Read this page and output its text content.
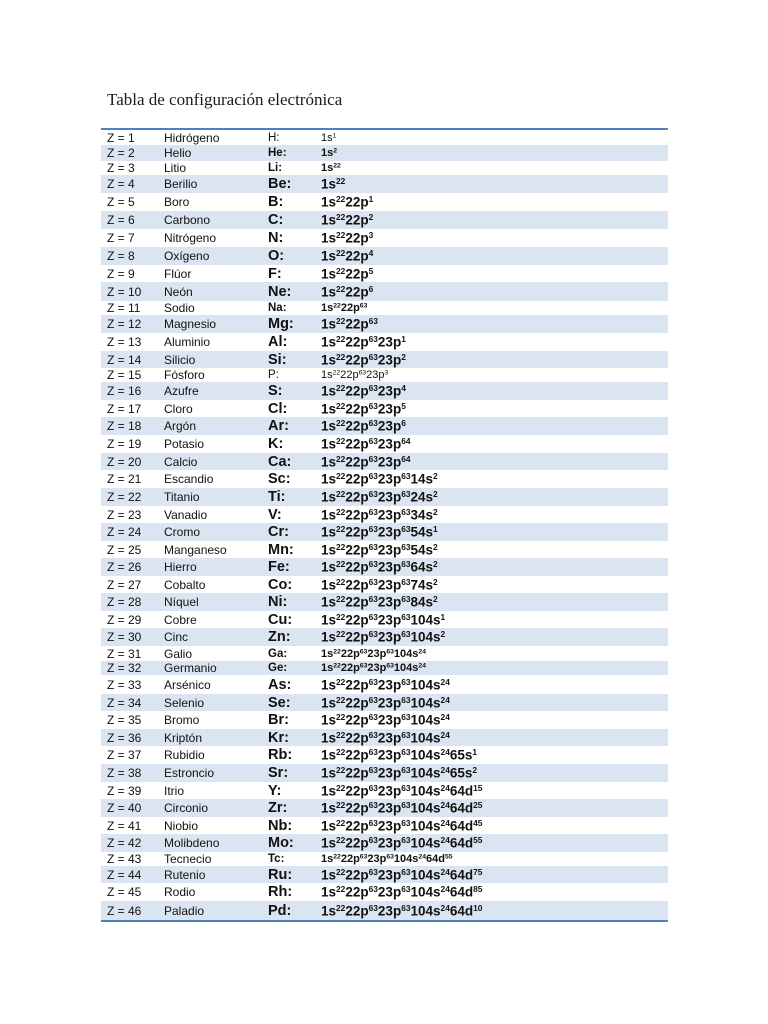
Tabla de configuración electrónica
Z = 1 Hidrógeno	H:	$1s^1$
Z = 2 Helio	He:	$1s^2$
Z = 3 Litio	Li:	$1s^{22}$
Z = 4 Berilio	Be: $1s^{22}$
Z = 5 Boro	B:	$1s^{22}22p^1$
Z = 6 Carbono	C:	$1s^{22}22p^2$
Z = 7 Nitrógeno	N:	$1s^{22}22p^3$
Z = 8 Oxígeno	O:	$1s^{22}22p^4$
Z = 9 Flúor	F:	$1s^{22}22p^5$
Z = 10 Neón	Ne: $1s^{22}22p^6$
Z = 11 Sodio	Na:	$1s^{22}22p^{63}$
Z = 12 Magnesio	Mg: $1s^{22}22p^{63}$
Z = 13 Aluminio	Al: $1s^{22}22p^{63}23p^1$
Z = 14 Silicio	Si:	$1s^{22}22p^{63}23p^2$
Z = 15 Fósforo	P:	$1s^{22}22p^{63}23p^3$
Z = 16 Azufre	S:	$1s^{22}22p^{63}23p^4$
Z = 17 Cloro	Cl: $1s^{22}22p^{63}23p^5$
Z = 18 Argón	Ar: $1s^{22}22p^{63}23p^6$
Z = 19 Potasio	K:	$1s^{22}22p^{63}23p^{64}$
Z = 20 Calcio	Ca: $1s^{22}22p^{63}23p^{64}$
Z = 21 Escandio	Sc: $1s^{22}22p^{63}23p^{63}14s^2$
Z = 22 Titanio	Ti:	$1s^{22}22p^{63}23p^{63}24s^2$
Z = 23 Vanadio	V:	$1s^{22}22p^{63}23p^{63}34s^2$
Z = 24 Cromo	Cr: $1s^{22}22p^{63}23p^{63}54s^1$
Z = 25 Manganeso	Mn: $1s^{22}22p^{63}23p^{63}54s^2$
Z = 26 Hierro	Fe: $1s^{22}22p^{63}23p^{63}64s^2$
Z = 27 Cobalto	Co: $1s^{22}22p^{63}23p^{63}74s^2$
Z = 28 Níquel	Ni: $1s^{22}22p^{63}23p^{63}84s^2$
Z = 29 Cobre	Cu: $1s^{22}22p^{63}23p^{63}104s^1$
Z = 30 Cinc	Zn: $1s^{22}22p^{63}23p^{63}104s^2$
Z = 31 Galio	Ga:	$1s^{22}22p^{63}23p^{63}104s^{24}$
Z = 32 Germanio	Ge:	$1s^{22}22p^{63}23p^{63}104s^{24}$
Z = 33 Arsénico	As: $1s^{22}22p^{63}23p^{63}104s^{24}$
Z = 34 Selenio	Se: $1s^{22}22p^{63}23p^{63}104s^{24}$
Z = 35 Bromo	Br: $1s^{22}22p^{63}23p^{63}104s^{24}$
Z = 36 Kriptón	Kr: $1s^{22}22p^{63}23p^{63}104s^{24}$
Z = 37 Rubidio	Rb: $1s^{22}22p^{63}23p^{63}104s^{24}65s^1$
Z = 38 Estroncio	Sr: $1s^{22}22p^{63}23p^{63}104s^{24}65s^2$
Z = 39 Itrio	Y:	$1s^{22}22p^{63}23p^{63}104s^{24}64d^{15}$
Z = 40 Circonio	Zr: $1s^{22}22p^{63}23p^{63}104s^{24}64d^{25}$
Z = 41 Niobio	Nb: $1s^{22}22p^{63}23p^{63}104s^{24}64d^{45}$
Z = 42 Molibdeno	Mo: $1s^{22}22p^{63}23p^{63}104s^{24}64d^{55}$
Z = 43 Tecnecio	Tc:	$1s^{22}22p^{63}23p^{63}104s^{24}64d^{55}$
Z = 44 Rutenio	Ru: $1s^{22}22p^{63}23p^{63}104s^{24}64d^{75}$
Z = 45 Rodio	Rh: $1s^{22}22p^{63}23p^{63}104s^{24}64d^{85}$
Z = 46 Paladio	Pd: $1s^{22}22p^{63}23p^{63}104s^{24}64d^{10}$
